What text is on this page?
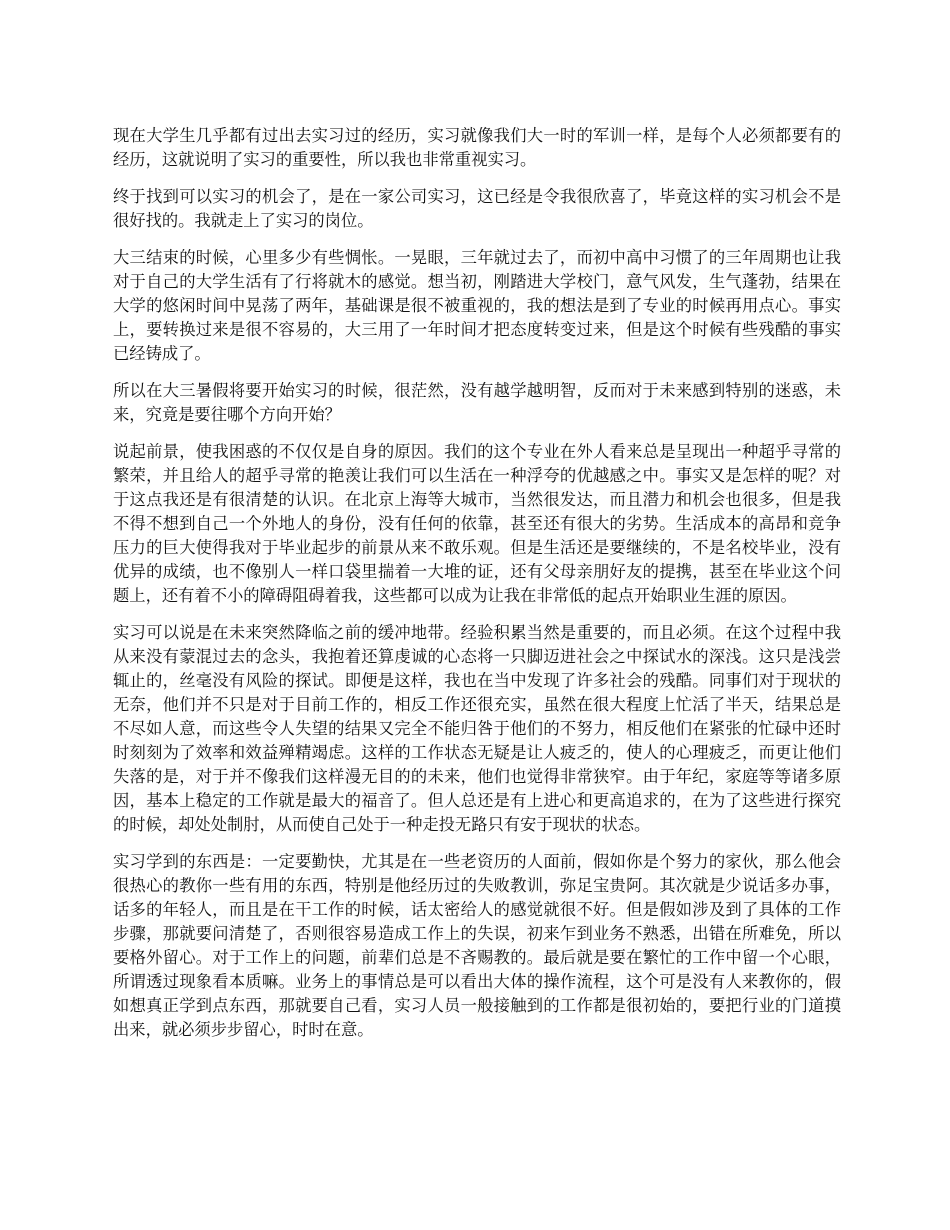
现在大学生几乎都有过出去实习过的经历，实习就像我们大一时的军训一样，是每个人必须都要有的经历，这就说明了实习的重要性，所以我也非常重视实习。

终于找到可以实习的机会了，是在一家公司实习，这已经是令我很欣喜了，毕竟这样的实习机会不是很好找的。我就走上了实习的岗位。

大三结束的时候，心里多少有些惆怅。一晃眼，三年就过去了，而初中高中习惯了的三年周期也让我对于自己的大学生活有了行将就木的感觉。想当初，刚踏进大学校门，意气风发，生气蓬勃，结果在大学的悠闲时间中晃荡了两年，基础课是很不被重视的，我的想法是到了专业的时候再用点心。事实上，要转换过来是很不容易的，大三用了一年时间才把态度转变过来，但是这个时候有些残酷的事实已经铸成了。

所以在大三暑假将要开始实习的时候，很茫然，没有越学越明智，反而对于未来感到特别的迷惑，未来，究竟是要往哪个方向开始？

说起前景，使我困惑的不仅仅是自身的原因。我们的这个专业在外人看来总是呈现出一种超乎寻常的繁荣，并且给人的超乎寻常的艳羡让我们可以生活在一种浮夸的优越感之中。事实又是怎样的呢？对于这点我还是有很清楚的认识。在北京上海等大城市，当然很发达，而且潜力和机会也很多，但是我不得不想到自己一个外地人的身份，没有任何的依靠，甚至还有很大的劣势。生活成本的高昂和竞争压力的巨大使得我对于毕业起步的前景从来不敢乐观。但是生活还是要继续的，不是名校毕业，没有优异的成绩，也不像别人一样口袋里揣着一大堆的证，还有父母亲朋好友的提携，甚至在毕业这个问题上，还有着不小的障碍阻碍着我，这些都可以成为让我在非常低的起点开始职业生涯的原因。

实习可以说是在未来突然降临之前的缓冲地带。经验积累当然是重要的，而且必须。在这个过程中我从来没有蒙混过去的念头，我抱着还算虔诚的心态将一只脚迈进社会之中探试水的深浅。这只是浅尝辄止的，丝毫没有风险的探试。即便是这样，我也在当中发现了许多社会的残酷。同事们对于现状的无奈，他们并不只是对于目前工作的，相反工作还很充实，虽然在很大程度上忙活了半天，结果总是不尽如人意，而这些令人失望的结果又完全不能归咎于他们的不努力，相反他们在紧张的忙碌中还时时刻刻为了效率和效益殚精竭虑。这样的工作状态无疑是让人疲乏的，使人的心理疲乏，而更让他们失落的是，对于并不像我们这样漫无目的的未来，他们也觉得非常狭窄。由于年纪，家庭等等诸多原因，基本上稳定的工作就是最大的福音了。但人总还是有上进心和更高追求的，在为了这些进行探究的时候，却处处制肘，从而使自己处于一种走投无路只有安于现状的状态。

实习学到的东西是：一定要勤快，尤其是在一些老资历的人面前，假如你是个努力的家伙，那么他会很热心的教你一些有用的东西，特别是他经历过的失败教训，弥足宝贵阿。其次就是少说话多办事，话多的年轻人，而且是在干工作的时候，话太密给人的感觉就很不好。但是假如涉及到了具体的工作步骤，那就要问清楚了，否则很容易造成工作上的失误，初来乍到业务不熟悉，出错在所难免，所以要格外留心。对于工作上的问题，前辈们总是不吝赐教的。最后就是要在繁忙的工作中留一个心眼，所谓透过现象看本质嘛。业务上的事情总是可以看出大体的操作流程，这个可是没有人来教你的，假如想真正学到点东西，那就要自己看，实习人员一般接触到的工作都是很初始的，要把行业的门道摸出来，就必须步步留心，时时在意。
